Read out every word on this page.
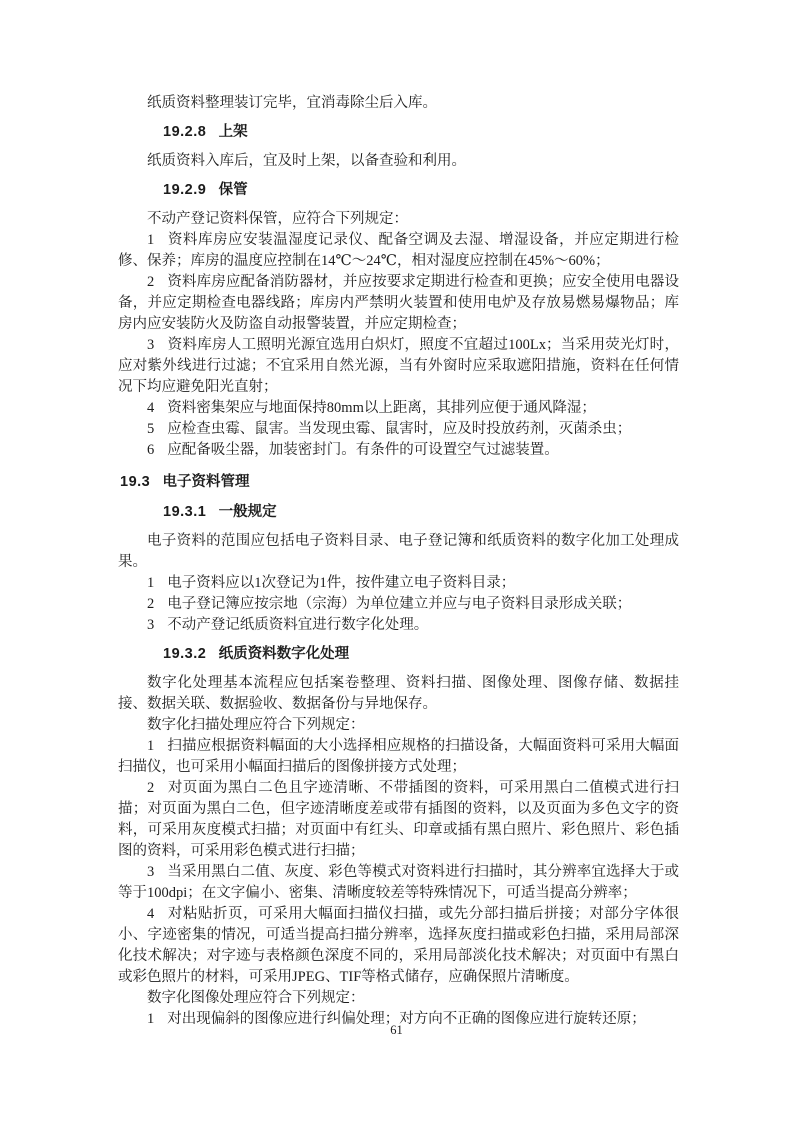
纸质资料整理装订完毕，宜消毒除尘后入库。

19.2.8 上架

纸质资料入库后，宜及时上架，以备查验和利用。

19.2.9 保管

不动产登记资料保管，应符合下列规定：

1 资料库房应安装温湿度记录仪、配备空调及去湿、增湿设备，并应定期进行检修、保养；库房的温度应控制在14℃～24℃，相对湿度应控制在45%～60%；

2 资料库房应配备消防器材，并应按要求定期进行检查和更换；应安全使用电器设备，并应定期检查电器线路；库房内严禁明火装置和使用电炉及存放易燃易爆物品；库房内应安装防火及防盗自动报警装置，并应定期检查；

3 资料库房人工照明光源宜选用白炽灯，照度不宜超过100Lx；当采用荧光灯时，应对紫外线进行过滤；不宜采用自然光源，当有外窗时应采取遮阳措施，资料在任何情况下均应避免阳光直射；

4 资料密集架应与地面保持80mm以上距离，其排列应便于通风降湿；

5 应检查虫霉、鼠害。当发现虫霉、鼠害时，应及时投放药剂，灭菌杀虫；

6 应配备吸尘器，加装密封门。有条件的可设置空气过滤装置。

19.3 电子资料管理
19.3.1 一般规定

电子资料的范围应包括电子资料目录、电子登记簿和纸质资料的数字化加工处理成果。

1 电子资料应以1次登记为1件，按件建立电子资料目录；

2 电子登记簿应按宗地（宗海）为单位建立并应与电子资料目录形成关联；

3 不动产登记纸质资料宜进行数字化处理。

19.3.2 纸质资料数字化处理

数字化处理基本流程应包括案卷整理、资料扫描、图像处理、图像存储、数据挂接、数据关联、数据验收、数据备份与异地保存。

数字化扫描处理应符合下列规定：

1 扫描应根据资料幅面的大小选择相应规格的扫描设备，大幅面资料可采用大幅面扫描仪，也可采用小幅面扫描后的图像拼接方式处理；

2 对页面为黑白二色且字迹清晰、不带插图的资料，可采用黑白二值模式进行扫描；对页面为黑白二色，但字迹清晰度差或带有插图的资料，以及页面为多色文字的资料，可采用灰度模式扫描；对页面中有红头、印章或插有黑白照片、彩色照片、彩色插图的资料，可采用彩色模式进行扫描；

3 当采用黑白二值、灰度、彩色等模式对资料进行扫描时，其分辨率宜选择大于或等于100dpi；在文字偏小、密集、清晰度较差等特殊情况下，可适当提高分辨率；

4 对粘贴折页，可采用大幅面扫描仪扫描，或先分部扫描后拼接；对部分字体很小、字迹密集的情况，可适当提高扫描分辨率，选择灰度扫描或彩色扫描，采用局部深化技术解决；对字迹与表格颜色深度不同的，采用局部淡化技术解决；对页面中有黑白或彩色照片的材料，可采用JPEG、TIF等格式储存，应确保照片清晰度。

数字化图像处理应符合下列规定：

1 对出现偏斜的图像应进行纠偏处理；对方向不正确的图像应进行旋转还原；

61
